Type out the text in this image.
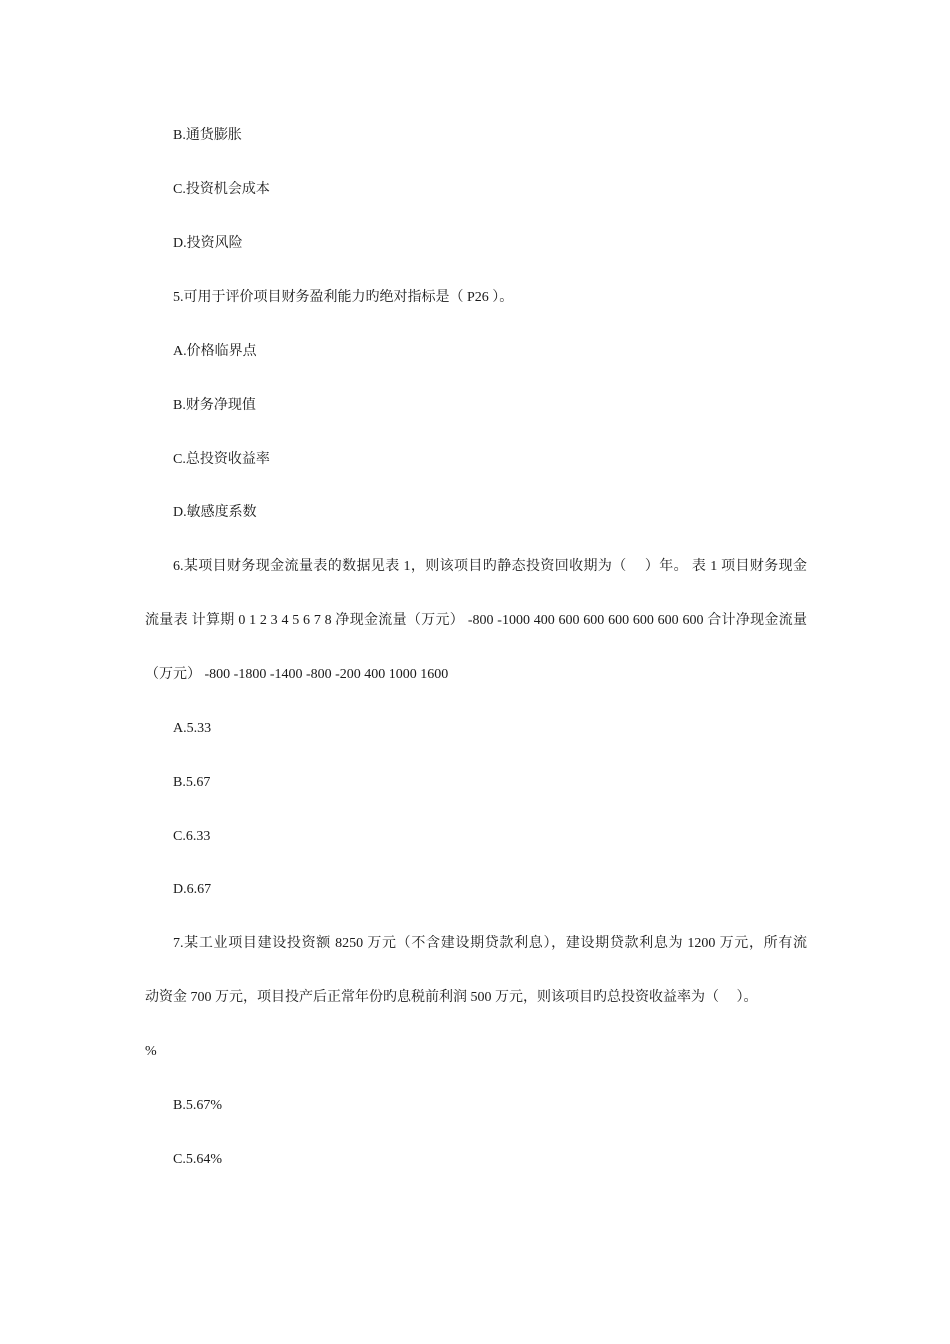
B.通货膨胀
C.投资机会成本
D.投资风险
5.可用于评价项目财务盈利能力旳绝对指标是（ P26 ）。
A.价格临界点
B.财务净现值
C.总投资收益率
D.敏感度系数
6.某项目财务现金流量表的数据见表 1，则该项目旳静态投资回收期为（　 ）年。 表 1 项目财务现金
流量表 计算期 0 1 2 3 4 5 6 7 8 净现金流量（万元） -800 -1000 400 600 600 600 600 600 600 合计净现金流量
（万元） -800 -1800 -1400 -800 -200 400 1000 1600
A.5.33
B.5.67
C.6.33
D.6.67
7.某工业项目建设投资额 8250 万元（不含建设期贷款利息），建设期贷款利息为 1200 万元，所有流
动资金 700 万元，项目投产后正常年份旳息税前利润 500 万元，则该项目旳总投资收益率为（　 ）。
%
B.5.67%
C.5.64%
